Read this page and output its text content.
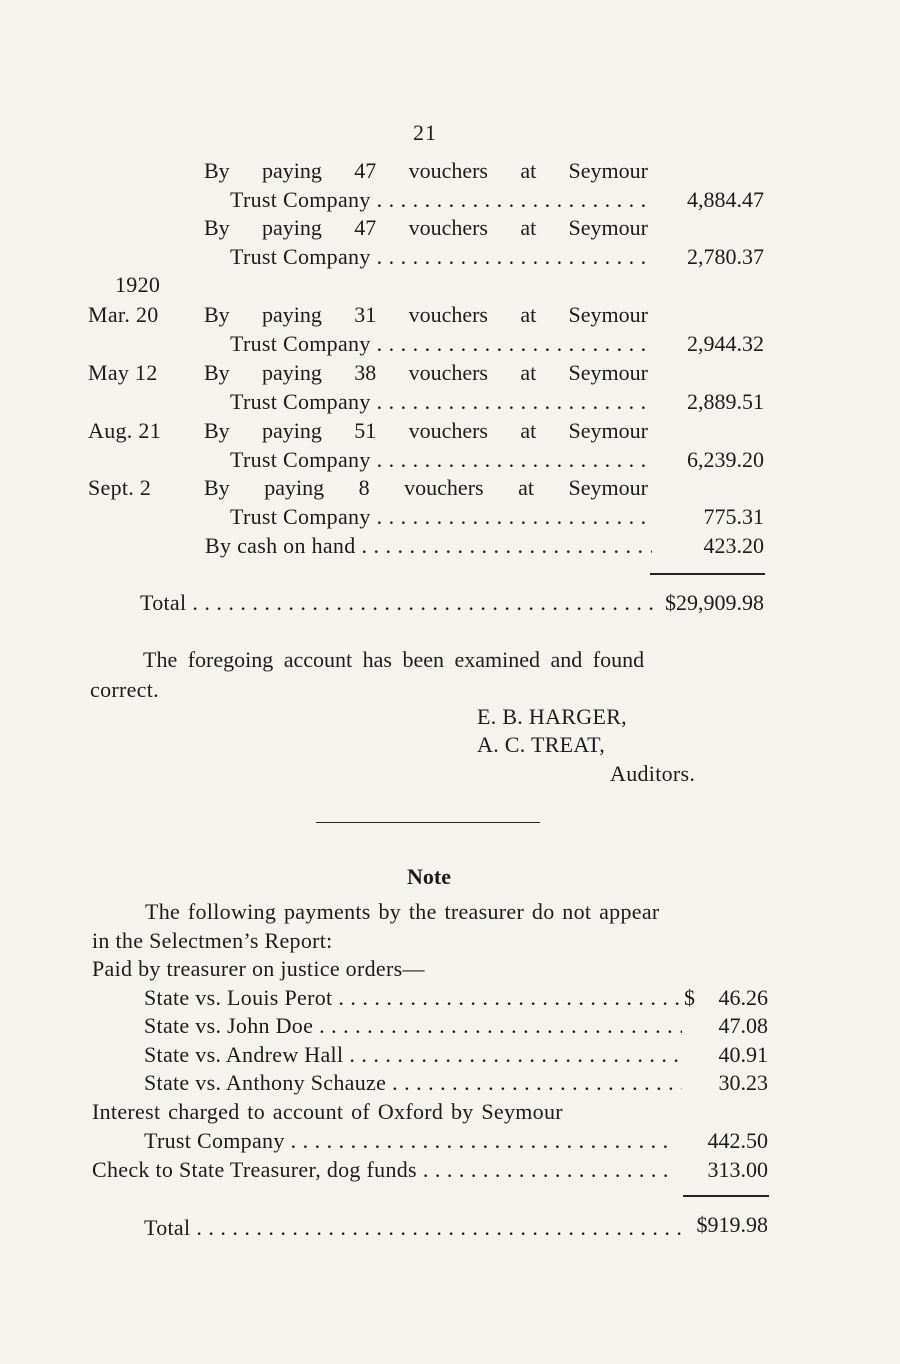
21
1920
By paying 47 vouchers at Seymour
Trust Company . . .	4,884.47
By paying 47 vouchers at Seymour
Trust Company . . .	2,780.37
Mar. 20 By paying 31 vouchers at Seymour
Trust Company . . .	2,944.32
May 12 By paying 38 vouchers at Seymour
Trust Company . . .	2,889.51
Aug. 21 By paying 51 vouchers at Seymour
Trust Company . . .	6,239.20
Sept. 2 By paying 8 vouchers at Seymour
Trust Company . . .	775.31
By cash on hand . . .	423.20
Total . . .	$29,909.98
The foregoing account has been examined and found
correct.
E. B. HARGER,
A. C. TREAT,
Auditors.
Note
The following payments by the treasurer do not appear
in the Selectmen’s Report:
Paid by treasurer on justice orders—
State vs. Louis Perot . . .	$	46.26
State vs. John Doe . . .	47.08
State vs. Andrew Hall . . .	40.91
State vs. Anthony Schauze . . .	30.23
Interest charged to account of Oxford by Seymour
Trust Company . . .	442.50
Check to State Treasurer, dog funds . . .	313.00
Total . . .	$919.98
